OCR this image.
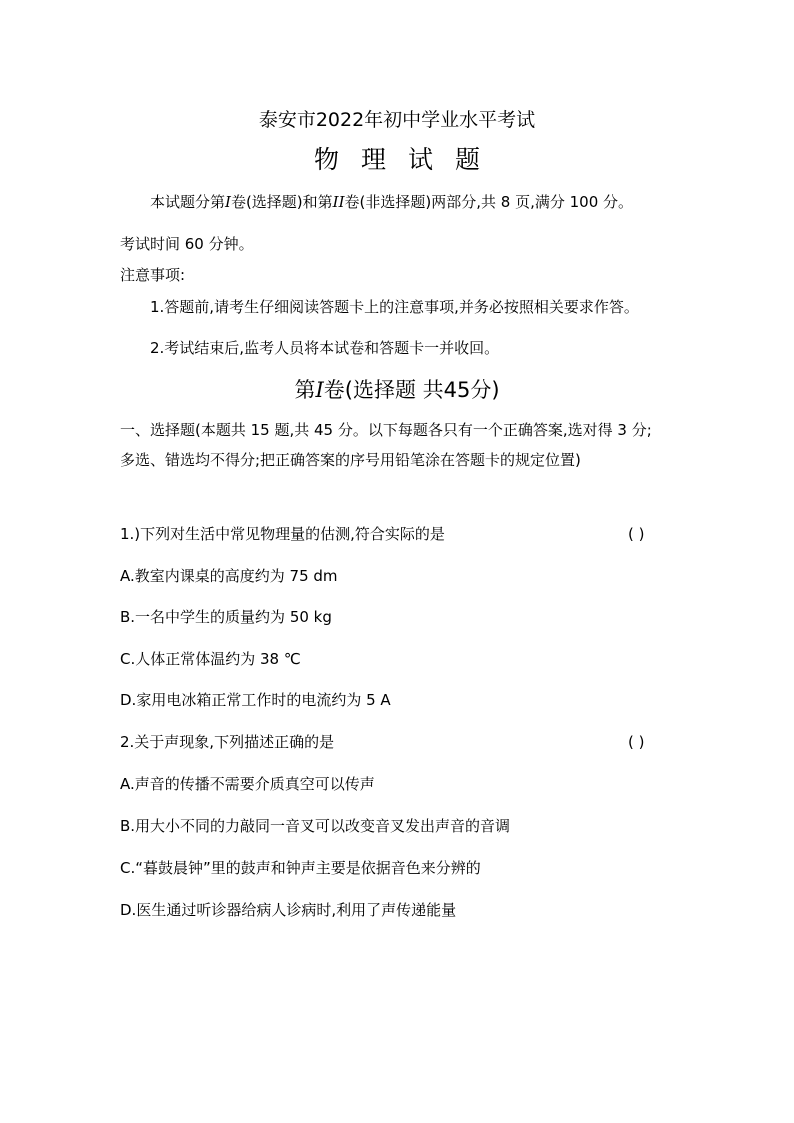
泰安市2022年初中学业水平考试
物理试题
本试题分第I卷(选择题)和第II卷(非选择题)两部分,共 8 页,满分 100 分。
考试时间 60 分钟。
注意事项:
1.答题前,请考生仔细阅读答题卡上的注意事项,并务必按照相关要求作答。
2.考试结束后,监考人员将本试卷和答题卡一并收回。
第I卷(选择题 共45分)
一、选择题(本题共 15 题,共 45 分。以下每题各只有一个正确答案,选对得 3 分;
多选、错选均不得分;把正确答案的序号用铅笔涂在答题卡的规定位置)
1.)下列对生活中常见物理量的估测,符合实际的是	( )
A.教室内课桌的高度约为 75 dm
B.一名中学生的质量约为 50 kg
C.人体正常体温约为 38 ℃
D.家用电冰箱正常工作时的电流约为 5 A
2.关于声现象,下列描述正确的是	( )
A.声音的传播不需要介质真空可以传声
B.用大小不同的力敲同一音叉可以改变音叉发出声音的音调
C.“暮鼓晨钟”里的鼓声和钟声主要是依据音色来分辨的
D.医生通过听诊器给病人诊病时,利用了声传递能量
